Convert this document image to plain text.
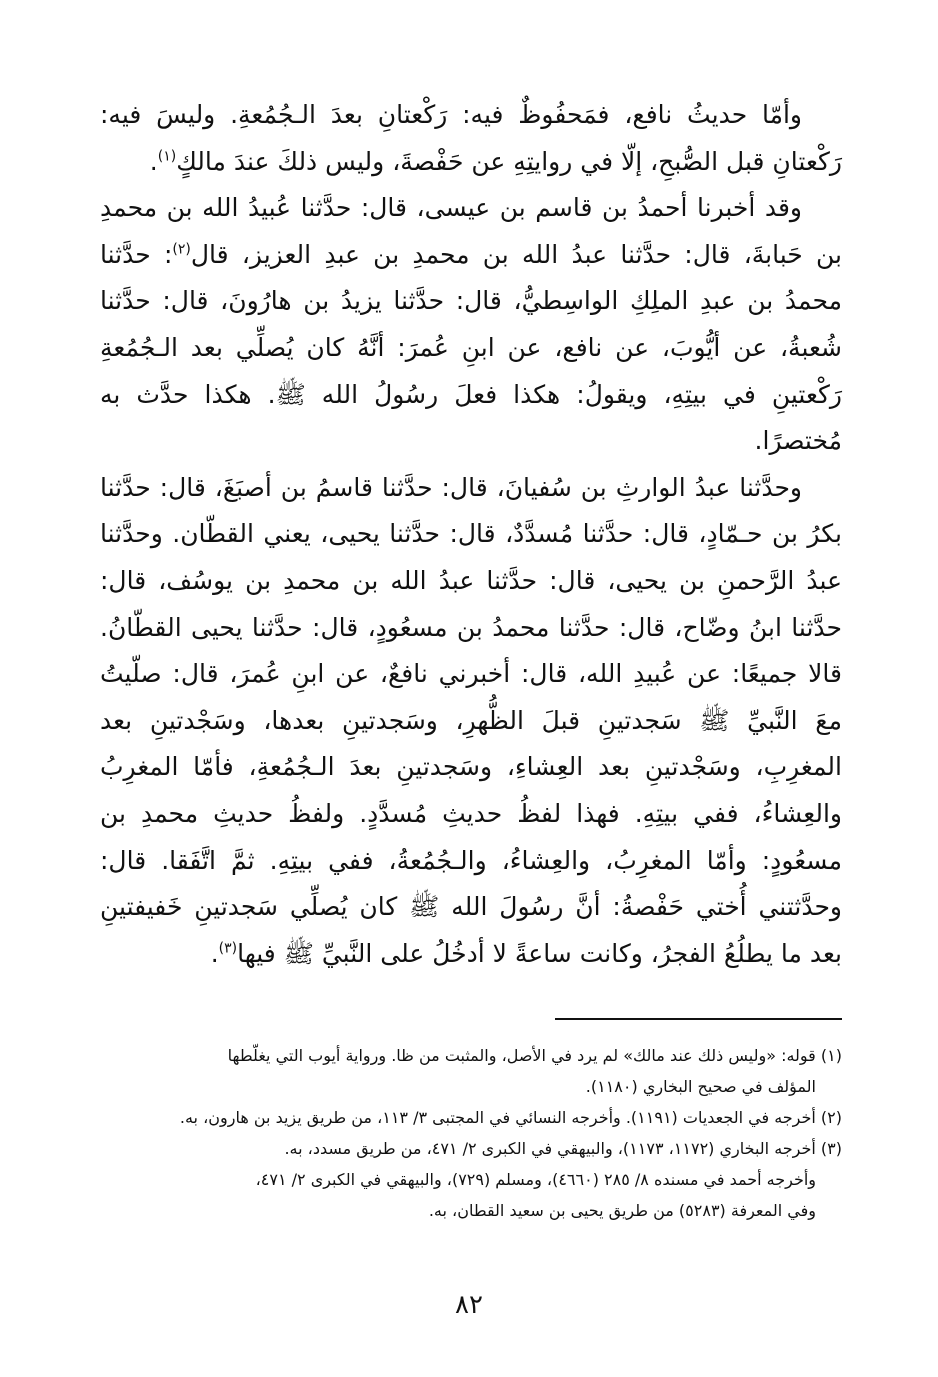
وأمّا حديثُ نافع، فمَحفُوظٌ فيه: رَكْعتانِ بعدَ الـجُمُعةِ. وليسَ فيه: رَكْعتانِ قبل الصُّبحِ، إلّا في روايتِهِ عن حَفْصةَ، وليس ذلكَ عندَ مالكٍ$^{(١)}$.

وقد أخبرنا أحمدُ بن قاسم بن عيسى، قال: حدَّثنا عُبيدُ الله بن محمدِ بن حَبابةَ، قال: حدَّثنا عبدُ الله بن محمدِ بن عبدِ العزيز، قال$^{(٢)}$: حدَّثنا محمدُ بن عبدِ الملِكِ الواسِطيُّ، قال: حدَّثنا يزيدُ بن هارُونَ، قال: حدَّثنا شُعبةُ، عن أيُّوبَ، عن نافع، عن ابنِ عُمرَ: أنَّهُ كان يُصلِّي بعد الـجُمُعةِ رَكْعتينِ في بيتِهِ، ويقولُ: هكذا فعلَ رسُولُ الله ﷺ. هكذا حدَّث به مُختصرًا.

وحدَّثنا عبدُ الوارثِ بن سُفيانَ، قال: حدَّثنا قاسمُ بن أصبَغَ، قال: حدَّثنا بكرُ بن حـمّادٍ، قال: حدَّثنا مُسدَّدٌ، قال: حدَّثنا يحيى، يعني القطّان. وحدَّثنا عبدُ الرَّحمنِ بن يحيى، قال: حدَّثنا عبدُ الله بن محمدِ بن يوسُف، قال: حدَّثنا ابنُ وضّاح، قال: حدَّثنا محمدُ بن مسعُودٍ، قال: حدَّثنا يحيى القطّانُ. قالا جميعًا: عن عُبيدِ الله، قال: أخبرني نافعٌ، عن ابنِ عُمرَ، قال: صلّيتُ معَ النَّبيِّ ﷺ سَجدتينِ قبلَ الظُّهرِ، وسَجدتينِ بعدها، وسَجْدتينِ بعد المغرِبِ، وسَجْدتينِ بعد العِشاءِ، وسَجدتينِ بعدَ الـجُمُعةِ، فأمّا المغرِبُ والعِشاءُ، ففي بيتِهِ. فهذا لفظُ حديثِ مُسدَّدٍ. ولفظُ حديثِ محمدِ بن مسعُودٍ: وأمّا المغرِبُ، والعِشاءُ، والـجُمُعةُ، ففي بيتِهِ. ثمَّ اتَّفَقا. قال: وحدَّثتني أُختي حَفْصةُ: أنَّ رسُولَ الله ﷺ كان يُصلِّي سَجدتينِ خَفيفتينِ بعد ما يطلُعُ الفجرُ، وكانت ساعةً لا أدخُلُ على النَّبيِّ ﷺ فيها$^{(٣)}$.

(١) قوله: «وليس ذلك عند مالك» لم يرد في الأصل، والمثبت من ظا. ورواية أيوب التي يغلّطها

المؤلف في صحيح البخاري (١١٨٠).

(٢) أخرجه في الجعديات (١١٩١). وأخرجه النسائي في المجتبى ٣/ ١١٣، من طريق يزيد بن هارون، به.

(٣) أخرجه البخاري (١١٧٢، ١١٧٣)، والبيهقي في الكبرى ٢/ ٤٧١، من طريق مسدد، به.

وأخرجه أحمد في مسنده ٨/ ٢٨٥ (٤٦٦٠)، ومسلم (٧٢٩)، والبيهقي في الكبرى ٢/ ٤٧١،

وفي المعرفة (٥٢٨٣) من طريق يحيى بن سعيد القطان، به.

٨٢
